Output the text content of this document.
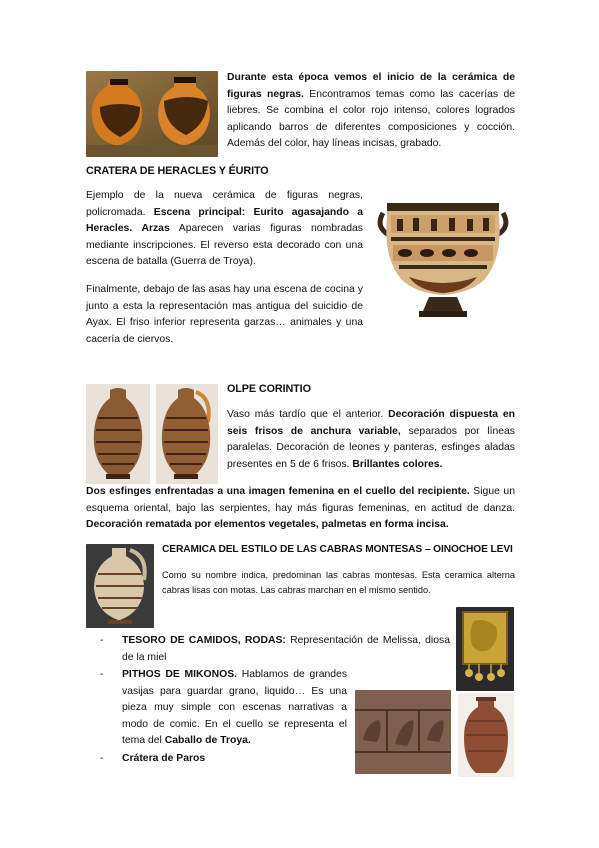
Durante esta época vemos el inicio de la cerámica de figuras negras. Encontramos temas como las cacerías de liebres. Se combina el color rojo intenso, colores logrados aplicando barros de diferentes composiciones y cocción. Además del color, hay líneas incisas, grabado.
CRATERA DE HERACLES Y ÉURITO
Ejemplo de la nueva cerámica de figuras negras, policromada. Escena principal: Eurito agasajando a Heracles. Arzas Aparecen varias figuras nombradas mediante inscripciones. El reverso esta decorado con una escena de batalla (Guerra de Troya).
Finalmente, debajo de las asas hay una escena de cocina y junto a esta la representación mas antigua del suicidio de Ayax. El friso inferior representa garzas… animales y una cacería de ciervos.
OLPE CORINTIO
Vaso más tardío que el anterior. Decoración dispuesta en seis frisos de anchura variable, separados por líneas paralelas. Decoración de leones y panteras, esfinges aladas presentes en 5 de 6 frisos. Brillantes colores.
Dos esfinges enfrentadas a una imagen femenina en el cuello del recipiente. Sigue un esquema oriental, bajo las serpientes, hay más figuras femeninas, en actitud de danza. Decoración rematada por elementos vegetales, palmetas en forma incisa.
CERAMICA DEL ESTILO DE LAS CABRAS MONTESAS – OINOCHOE LEVI
Como su nombre indica, predominan las cabras montesas. Esta ceramica alterna cabras lisas con motas. Las cabras marchan en el mismo sentido.
- TESORO DE CAMIDOS, RODAS: Representación de Melissa, diosa de la miel
- PITHOS DE MIKONOS. Hablamos de grandes vasijas para guardar grano, liquido… Es una pieza muy simple con escenas narrativas a modo de comic. En el cuello se representa el tema del Caballo de Troya.
- Crátera de Paros
